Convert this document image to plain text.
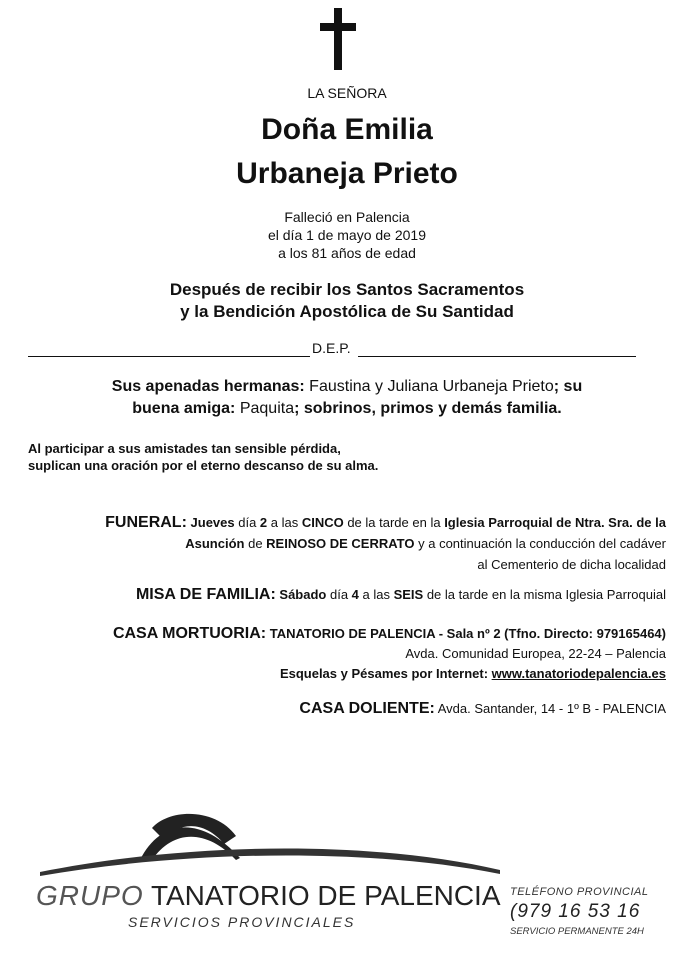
LA SEÑORA
Doña Emilia
Urbaneja Prieto
Falleció en Palencia
el día 1 de mayo de 2019
a los 81 años de edad
Después de recibir los Santos Sacramentos
y la Bendición Apostólica de Su Santidad
D.E.P.
Sus apenadas hermanas: Faustina y Juliana Urbaneja Prieto; su
buena amiga: Paquita; sobrinos, primos y demás familia.
Al participar a sus amistades tan sensible pérdida,
suplican una oración por el eterno descanso de su alma.
FUNERAL: Jueves día 2 a las CINCO de la tarde en la Iglesia Parroquial de Ntra. Sra. de la
Asunción de REINOSO DE CERRATO y a continuación la conducción del cadáver
al Cementerio de dicha localidad
MISA DE FAMILIA: Sábado día 4 a las SEIS de la tarde en la misma Iglesia Parroquial
CASA MORTUORIA: TANATORIO DE PALENCIA - Sala nº 2 (Tfno. Directo: 979165464)
Avda. Comunidad Europea, 22-24 – Palencia
Esquelas y Pésames por Internet: www.tanatoriodepalencia.es
CASA DOLIENTE: Avda. Santander, 14 - 1º B - PALENCIA
GRUPO TANATORIO DE PALENCIA
SERVICIOS PROVINCIALES
TELÉFONO PROVINCIAL
(979 16 53 16
SERVICIO PERMANENTE 24H
